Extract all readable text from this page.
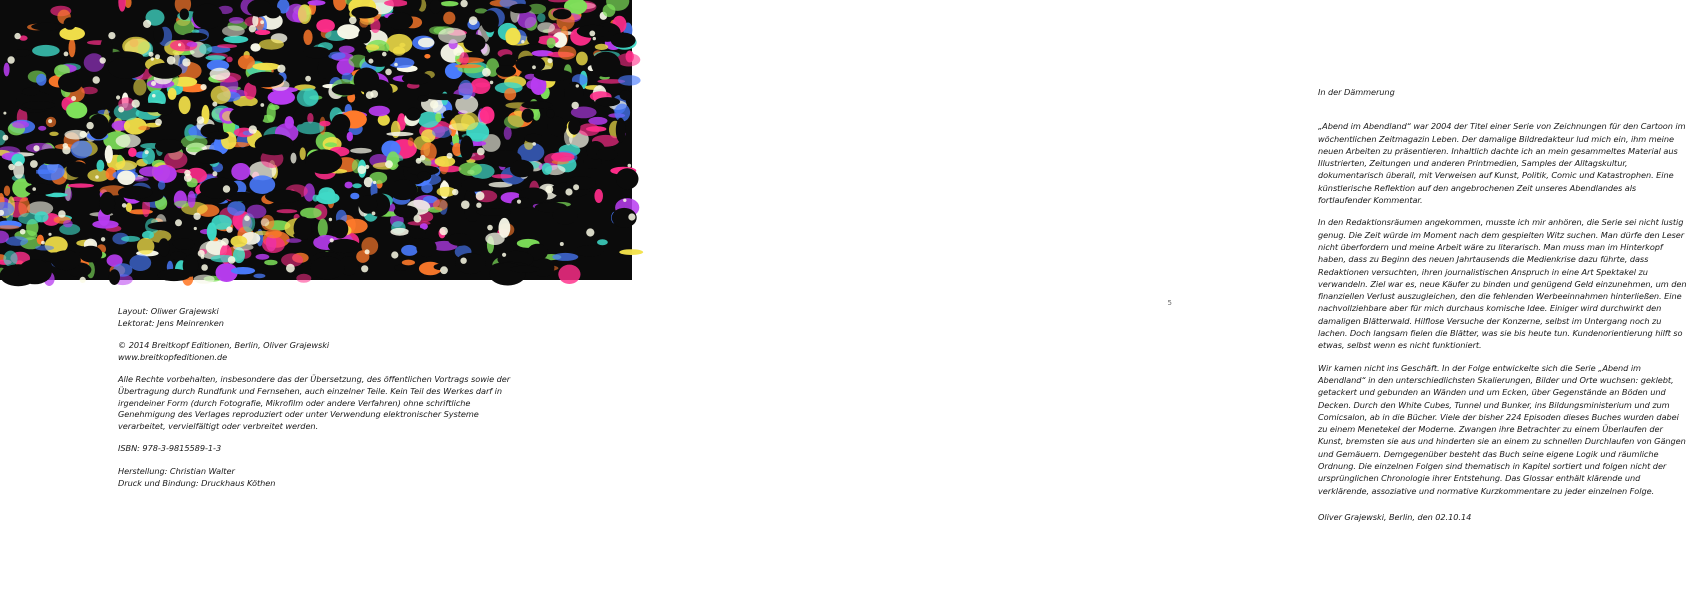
Layout: Oliwer Grajewski

Lektorat: Jens Meinrenken

© 2014 Breitkopf Editionen, Berlin, Oliver Grajewski

www.breitkopfeditionen.de

Alle Rechte vorbehalten, insbesondere das der Übersetzung, des öffentlichen Vortrags sowie der Übertragung durch Rundfunk und Fernsehen, auch einzelner Teile. Kein Teil des Werkes darf in irgendeiner Form (durch Fotografie, Mikrofilm oder andere Verfahren) ohne schriftliche Genehmigung des Verlages reproduziert oder unter Verwendung elektronischer Systeme verarbeitet, vervielfältigt oder verbreitet werden.

ISBN: 978-3-9815589-1-3

Herstellung: Christian Walter

Druck und Bindung: Druckhaus Köthen

In der Dämmerung

„Abend im Abendland“ war 2004 der Titel einer Serie von Zeichnungen für den Cartoon im wöchentlichen Zeitmagazin Leben. Der damalige Bildredakteur lud mich ein, ihm meine neuen Arbeiten zu präsentieren. Inhaltlich dachte ich an mein gesammeltes Material aus Illustrierten, Zeitungen und anderen Printmedien, Samples der Alltagskultur, dokumentarisch überall, mit Verweisen auf Kunst, Politik, Comic und Katastrophen. Eine künstlerische Reflektion auf den angebrochenen Zeit unseres Abendlandes als fortlaufender Kommentar.

In den Redaktionsräumen angekommen, musste ich mir anhören, die Serie sei nicht lustig genug. Die Zeit würde im Moment nach dem gespielten Witz suchen. Man dürfe den Leser nicht überfordern und meine Arbeit wäre zu literarisch. Man muss man im Hinterkopf haben, dass zu Beginn des neuen Jahrtausends die Medienkrise dazu führte, dass Redaktionen versuchten, ihren journalistischen Anspruch in eine Art Spektakel zu verwandeln. Ziel war es, neue Käufer zu binden und genügend Geld einzunehmen, um den finanziellen Verlust auszugleichen, den die fehlenden Werbeeinnahmen hinterließen. Eine nachvollziehbare aber für mich durchaus komische Idee. Einiger wird durchwirkt den damaligen Blätterwald. Hilflose Versuche der Konzerne, selbst im Untergang noch zu lachen. Doch langsam fielen die Blätter, was sie bis heute tun. Kundenorientierung hilft so etwas, selbst wenn es nicht funktioniert.

Wir kamen nicht ins Geschäft. In der Folge entwickelte sich die Serie „Abend im Abendland“ in den unterschiedlichsten Skalierungen, Bilder und Orte wuchsen: geklebt, getackert und gebunden an Wänden und um Ecken, über Gegenstände an Böden und Decken. Durch den White Cubes, Tunnel und Bunker, ins Bildungsministerium und zum Comicsalon, ab in die Bücher. Viele der bisher 224 Episoden dieses Buches wurden dabei zu einem Menetekel der Moderne. Zwangen ihre Betrachter zu einem Überlaufen der Kunst, bremsten sie aus und hinderten sie an einem zu schnellen Durchlaufen von Gängen und Gemäuern. Demgegenüber besteht das Buch seine eigene Logik und räumliche Ordnung. Die einzelnen Folgen sind thematisch in Kapitel sortiert und folgen nicht der ursprünglichen Chronologie ihrer Entstehung. Das Glossar enthält klärende und verklärende, assoziative und normative Kurzkommentare zu jeder einzelnen Folge.

Oliver Grajewski, Berlin, den 02.10.14

5
